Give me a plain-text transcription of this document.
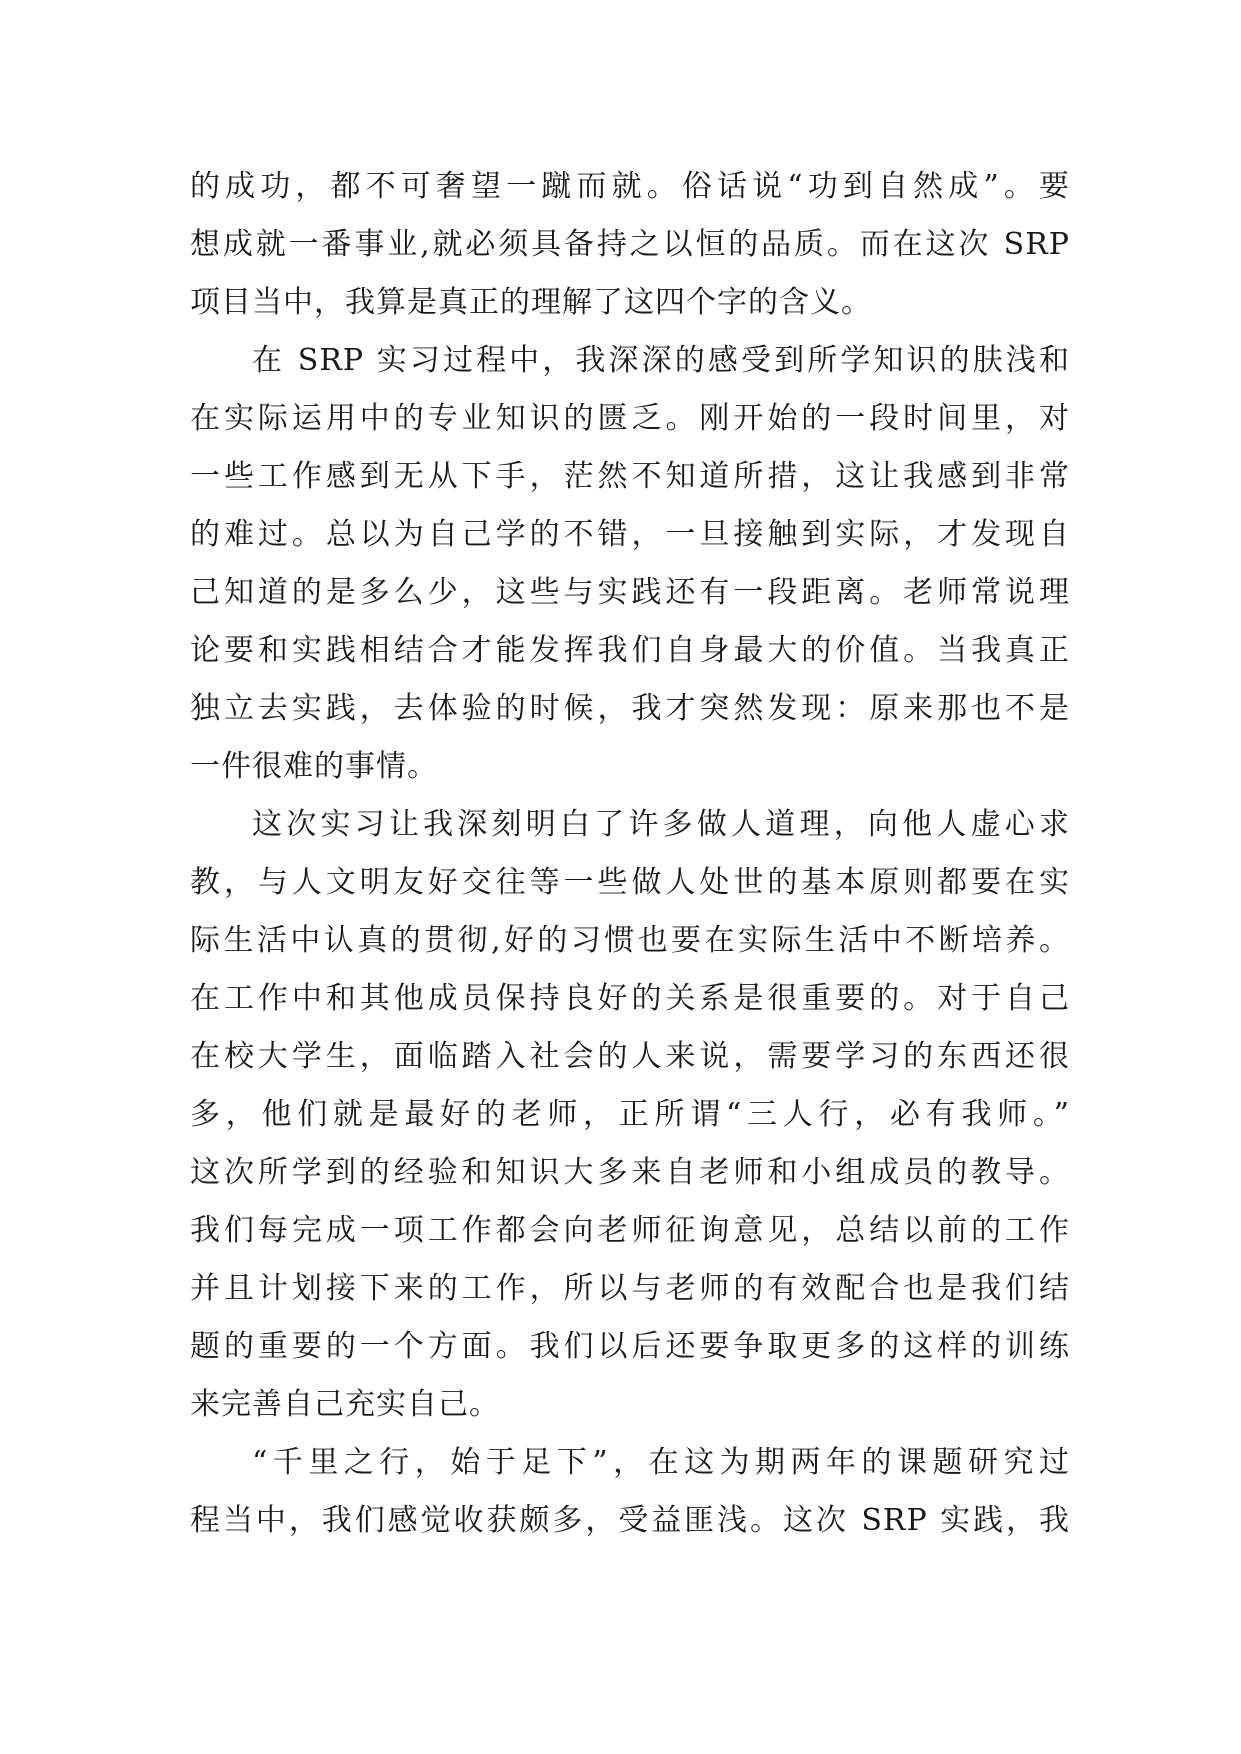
的成功，都不可奢望一蹴而就。俗话说“功到自然成”。要
想成就一番事业,就必须具备持之以恒的品质。而在这次 SRP
项目当中，我算是真正的理解了这四个字的含义。
在 SRP 实习过程中，我深深的感受到所学知识的肤浅和
在实际运用中的专业知识的匮乏。刚开始的一段时间里，对
一些工作感到无从下手，茫然不知道所措，这让我感到非常
的难过。总以为自己学的不错，一旦接触到实际，才发现自
己知道的是多么少，这些与实践还有一段距离。老师常说理
论要和实践相结合才能发挥我们自身最大的价值。当我真正
独立去实践，去体验的时候，我才突然发现：原来那也不是
一件很难的事情。
这次实习让我深刻明白了许多做人道理，向他人虚心求
教，与人文明友好交往等一些做人处世的基本原则都要在实
际生活中认真的贯彻,好的习惯也要在实际生活中不断培养。
在工作中和其他成员保持良好的关系是很重要的。对于自己
在校大学生，面临踏入社会的人来说，需要学习的东西还很
多，他们就是最好的老师，正所谓“三人行，必有我师。”
这次所学到的经验和知识大多来自老师和小组成员的教导。
我们每完成一项工作都会向老师征询意见，总结以前的工作
并且计划接下来的工作，所以与老师的有效配合也是我们结
题的重要的一个方面。我们以后还要争取更多的这样的训练
来完善自己充实自己。
“千里之行，始于足下”，在这为期两年的课题研究过
程当中，我们感觉收获颇多，受益匪浅。这次 SRP 实践，我
